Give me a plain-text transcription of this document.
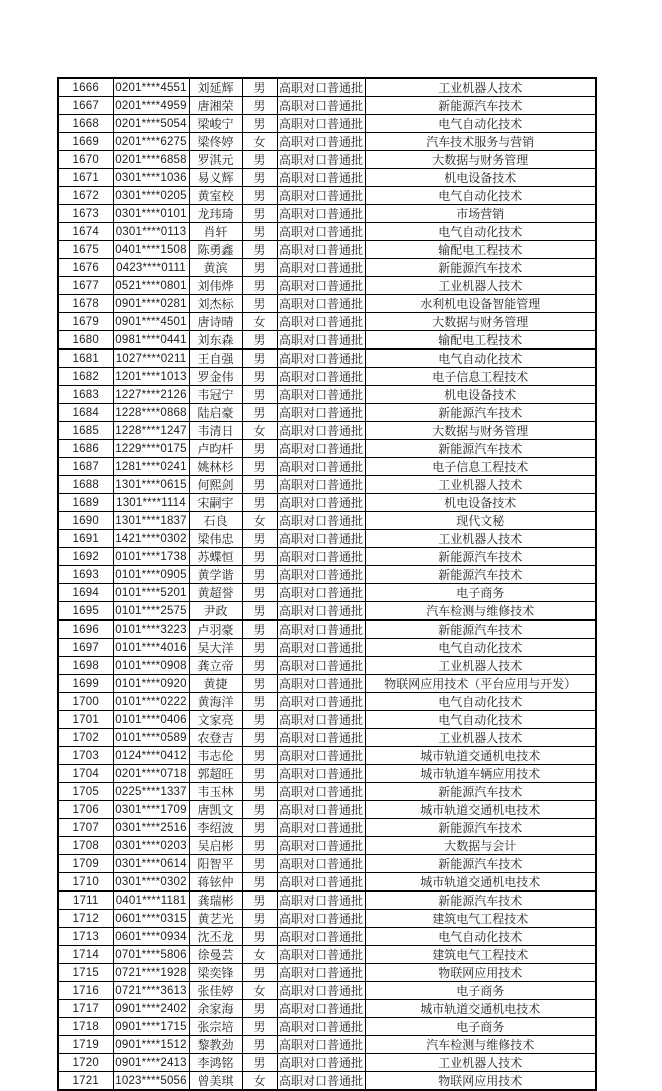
1666	0201****4551	刘延辉	男	高职对口普通批	工业机器人技术
1667	0201****4959	唐湘荣	男	高职对口普通批	新能源汽车技术
1668	0201****5054	梁峻宁	男	高职对口普通批	电气自动化技术
1669	0201****6275	梁佟婷	女	高职对口普通批	汽车技术服务与营销
1670	0201****6858	罗淇元	男	高职对口普通批	大数据与财务管理
1671	0301****1036	易义辉	男	高职对口普通批	机电设备技术
1672	0301****0205	黄室校	男	高职对口普通批	电气自动化技术
1673	0301****0101	龙玮琦	男	高职对口普通批	市场营销
1674	0301****0113	肖轩	男	高职对口普通批	电气自动化技术
1675	0401****1508	陈勇鑫	男	高职对口普通批	输配电工程技术
1676	0423****0111	黄滨	男	高职对口普通批	新能源汽车技术
1677	0521****0801	刘伟烨	男	高职对口普通批	工业机器人技术
1678	0901****0281	刘杰标	男	高职对口普通批	水利机电设备智能管理
1679	0901****4501	唐诗晴	女	高职对口普通批	大数据与财务管理
1680	0981****0441	刘东森	男	高职对口普通批	输配电工程技术
1681	1027****0211	王自强	男	高职对口普通批	电气自动化技术
1682	1201****1013	罗金伟	男	高职对口普通批	电子信息工程技术
1683	1227****2126	韦冠宁	男	高职对口普通批	机电设备技术
1684	1228****0868	陆启豪	男	高职对口普通批	新能源汽车技术
1685	1228****1247	韦清日	女	高职对口普通批	大数据与财务管理
1686	1229****0175	卢昀杄	男	高职对口普通批	新能源汽车技术
1687	1281****0241	姚林杉	男	高职对口普通批	电子信息工程技术
1688	1301****0615	何熙剑	男	高职对口普通批	工业机器人技术
1689	1301****1114	宋嗣宇	男	高职对口普通批	机电设备技术
1690	1301****1837	石良	女	高职对口普通批	现代文秘
1691	1421****0302	梁伟忠	男	高职对口普通批	工业机器人技术
1692	0101****1738	苏蝶恒	男	高职对口普通批	新能源汽车技术
1693	0101****0905	黄学谐	男	高职对口普通批	新能源汽车技术
1694	0101****5201	黄超誉	男	高职对口普通批	电子商务
1695	0101****2575	尹政	男	高职对口普通批	汽车检测与维修技术
1696	0101****3223	卢羽豪	男	高职对口普通批	新能源汽车技术
1697	0101****4016	吴大洋	男	高职对口普通批	电气自动化技术
1698	0101****0908	龚立帝	男	高职对口普通批	工业机器人技术
1699	0101****0920	黄捷	男	高职对口普通批	物联网应用技术（平台应用与开发）
1700	0101****0222	黄海洋	男	高职对口普通批	电气自动化技术
1701	0101****0406	文家亮	男	高职对口普通批	电气自动化技术
1702	0101****0589	农登吉	男	高职对口普通批	工业机器人技术
1703	0124****0412	韦志伦	男	高职对口普通批	城市轨道交通机电技术
1704	0201****0718	郭超旺	男	高职对口普通批	城市轨道车辆应用技术
1705	0225****1337	韦玉林	男	高职对口普通批	新能源汽车技术
1706	0301****1709	唐凯文	男	高职对口普通批	城市轨道交通机电技术
1707	0301****2516	李绍波	男	高职对口普通批	新能源汽车技术
1708	0301****0203	吴启彬	男	高职对口普通批	大数据与会计
1709	0301****0614	阳智平	男	高职对口普通批	新能源汽车技术
1710	0301****0302	蒋铉仲	男	高职对口普通批	城市轨道交通机电技术
1711	0401****1181	龚瑞彬	男	高职对口普通批	新能源汽车技术
1712	0601****0315	黄艺光	男	高职对口普通批	建筑电气工程技术
1713	0601****0934	沈丕龙	男	高职对口普通批	电气自动化技术
1714	0701****5806	徐曼芸	女	高职对口普通批	建筑电气工程技术
1715	0721****1928	梁奕锋	男	高职对口普通批	物联网应用技术
1716	0721****3613	张佳婷	女	高职对口普通批	电子商务
1717	0901****2402	余家海	男	高职对口普通批	城市轨道交通机电技术
1718	0901****1715	张宗培	男	高职对口普通批	电子商务
1719	0901****1512	黎教劲	男	高职对口普通批	汽车检测与维修技术
1720	0901****2413	李鸿铭	男	高职对口普通批	工业机器人技术
1721	1023****5056	曾美琪	女	高职对口普通批	物联网应用技术
